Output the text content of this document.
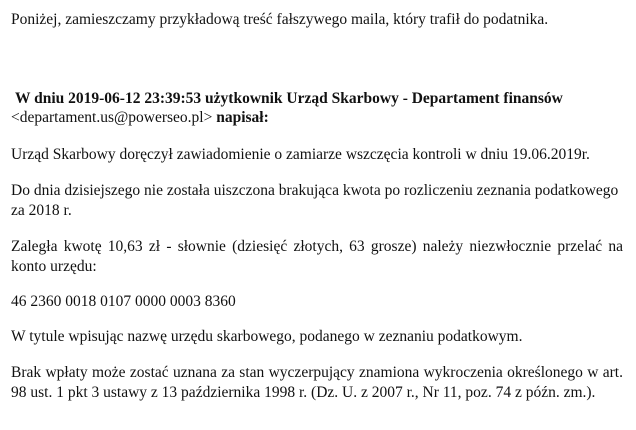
Poniżej, zamieszczamy przykładową treść fałszywego maila, który trafił do podatnika.
W dniu 2019-06-12 23:39:53 użytkownik Urząd Skarbowy - Departament finansów
<departament.us@powerseo.pl> napisał:
Urząd Skarbowy doręczył zawiadomienie o zamiarze wszczęcia kontroli w dniu 19.06.2019r.
Do dnia dzisiejszego nie została uiszczona brakująca kwota po rozliczeniu zeznania podatkowego za 2018 r.
Zaległa kwotę 10,63 zł - słownie (dziesięć złotych, 63 grosze) należy niezwłocznie przelać na konto urzędu:
46 2360 0018 0107 0000 0003 8360
W tytule wpisując nazwę urzędu skarbowego, podanego w zeznaniu podatkowym.
Brak wpłaty może zostać uznana za stan wyczerpujący znamiona wykroczenia określonego w art. 98 ust. 1 pkt 3 ustawy z 13 października 1998 r. (Dz. U. z 2007 r., Nr 11, poz. 74 z późn. zm.).
